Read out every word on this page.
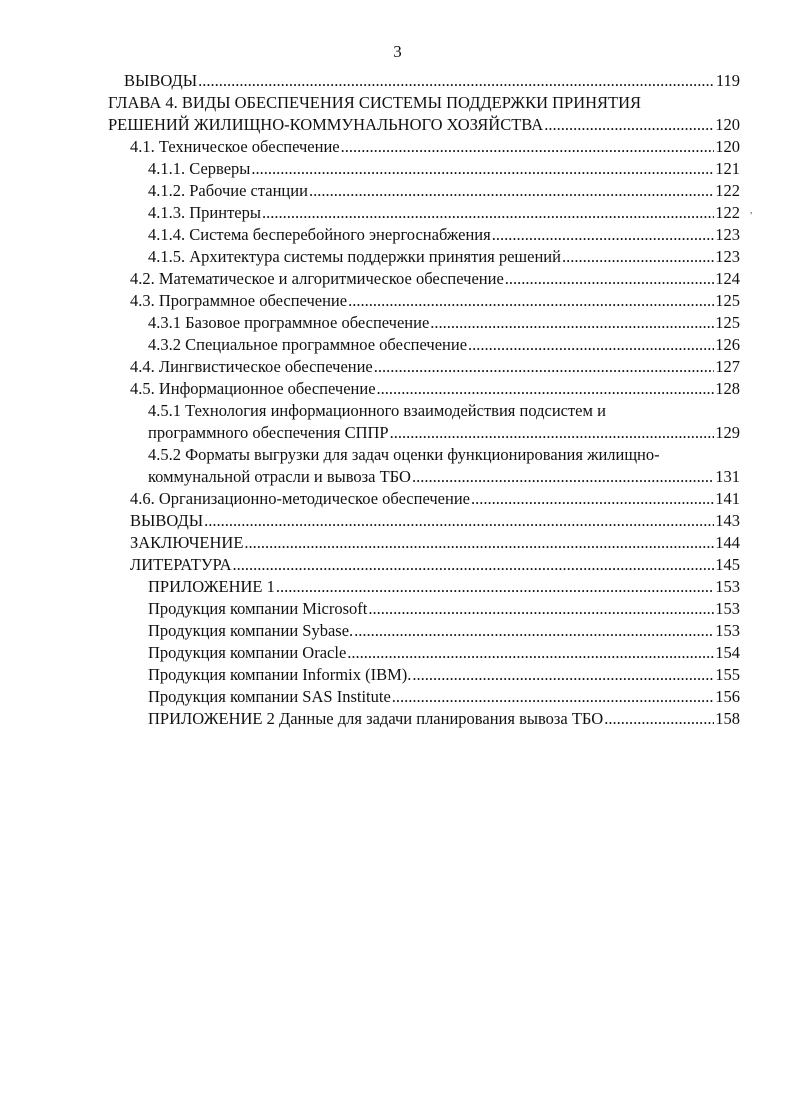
3
ВЫВОДЫ .....	119
ГЛАВА 4. ВИДЫ ОБЕСПЕЧЕНИЯ СИСТЕМЫ ПОДДЕРЖКИ ПРИНЯТИЯ
РЕШЕНИЙ ЖИЛИЩНО-КОММУНАЛЬНОГО ХОЗЯЙСТВА .....	120
4.1. Техническое обеспечение .....	120
4.1.1. Серверы .....	121
4.1.2. Рабочие станции .....	122
4.1.3. Принтеры .....	122
4.1.4. Система бесперебойного энергоснабжения .....	123
4.1.5. Архитектура системы поддержки принятия решений .....	123
4.2. Математическое и алгоритмическое обеспечение .....	124
4.3. Программное обеспечение .....	125
4.3.1 Базовое программное обеспечение .....	125
4.3.2 Специальное программное обеспечение .....	126
4.4. Лингвистическое обеспечение .....	127
4.5. Информационное обеспечение .....	128
4.5.1 Технология информационного взаимодействия подсистем и
программного обеспечения СППР .....	129
4.5.2 Форматы выгрузки для задач оценки функционирования жилищно-
коммунальной отрасли и вывоза ТБО .....	131
4.6. Организационно-методическое обеспечение .....	141
ВЫВОДЫ .....	143
ЗАКЛЮЧЕНИЕ .....	144
ЛИТЕРАТУРА .....	145
ПРИЛОЖЕНИЕ 1 .....	153
Продукция компании Microsoft .....	153
Продукция компании Sybase. .....	153
Продукция компании Oracle .....	154
Продукция компании Informix (IBM). .....	155
Продукция компании SAS Institute .....	156
ПРИЛОЖЕНИЕ 2 Данные для задачи планирования вывоза ТБО .....	158
,
